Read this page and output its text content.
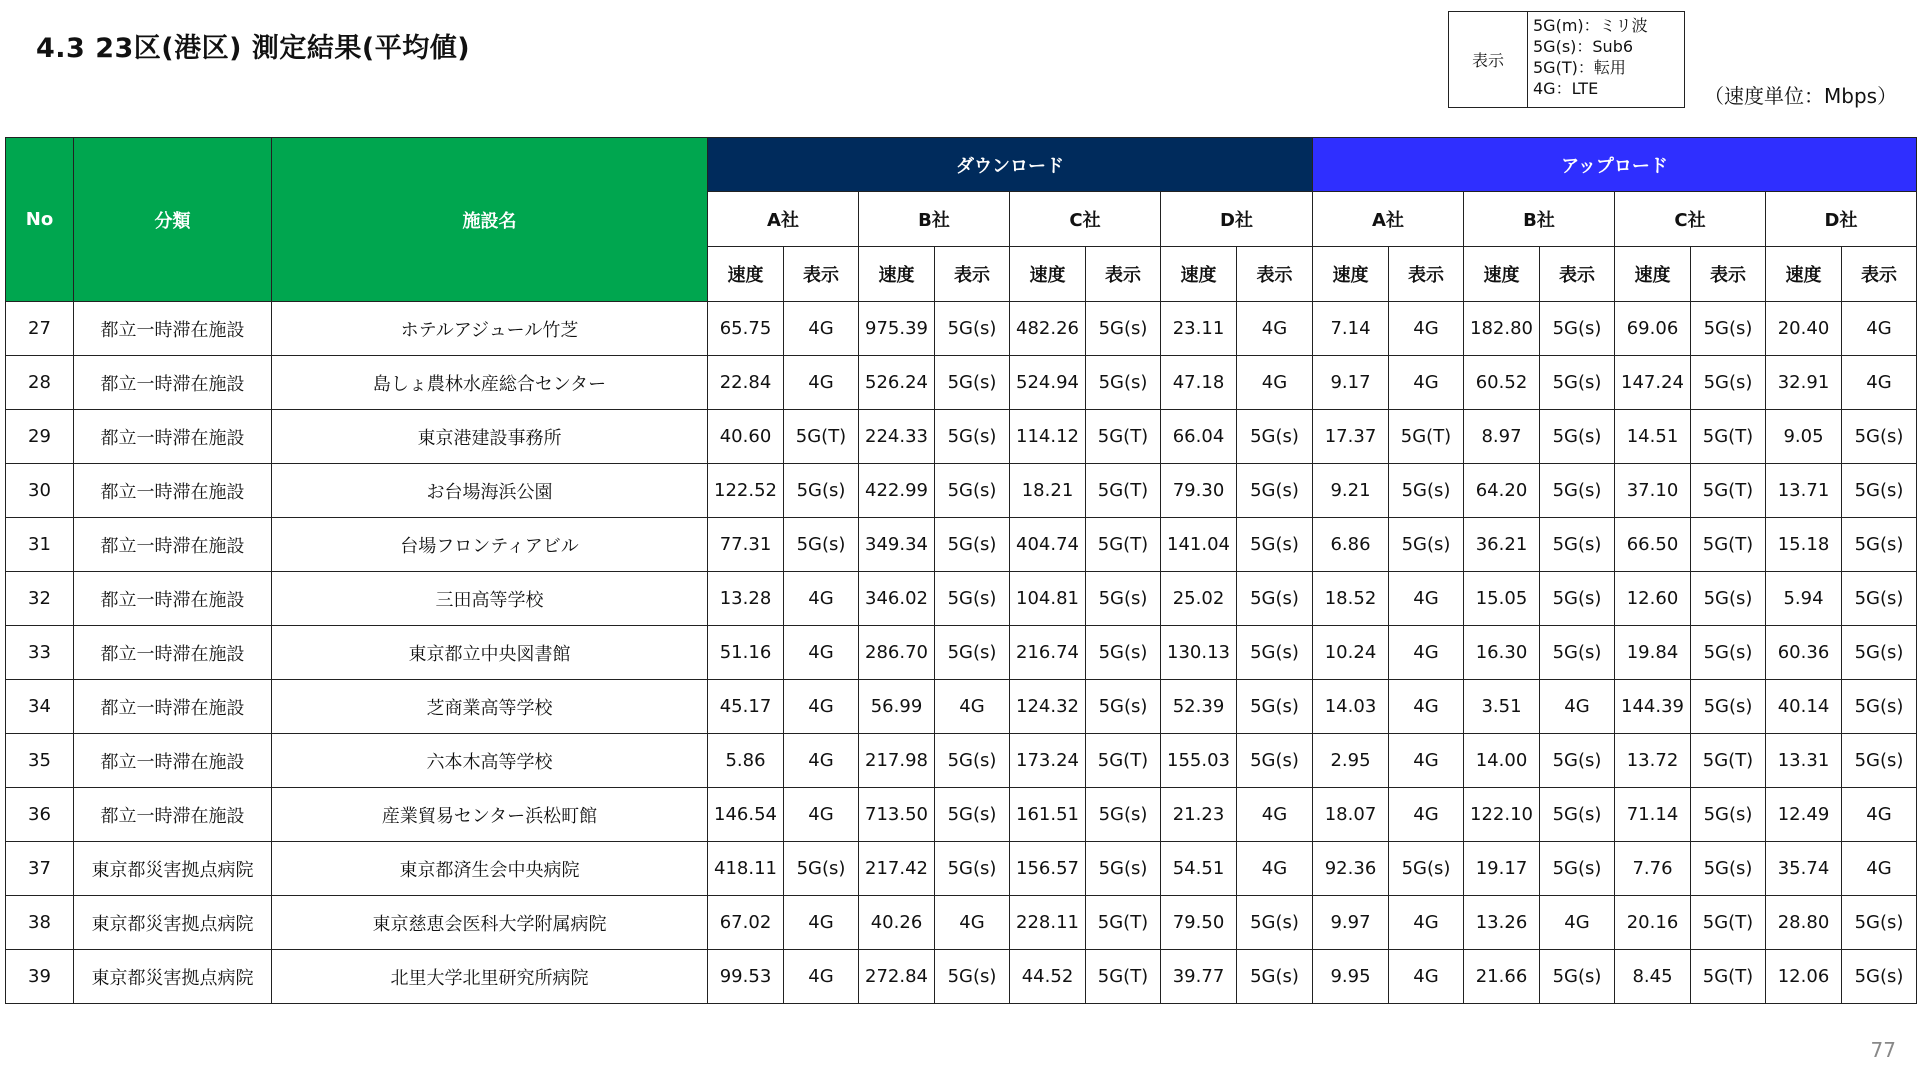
4.3 23区(港区) 測定結果(平均値)	表示
5G(m)：ミリ波
5G(s)：Sub6
5G(T)：転用
4G：LTE	（速度単位：Mbps）
No	分類	施設名	ダウンロード								アップロード							
			A社		B社		C社		D社		A社		B社		C社		D社	
			速度	表示	速度	表示	速度	表示	速度	表示	速度	表示	速度	表示	速度	表示	速度	表示
27	都立一時滞在施設	ホテルアジュール竹芝	65.75	4G	975.39	5G(s)	482.26	5G(s)	23.11	4G	7.14	4G	182.80	5G(s)	69.06	5G(s)	20.40	4G
28	都立一時滞在施設	島しょ農林水産総合センター	22.84	4G	526.24	5G(s)	524.94	5G(s)	47.18	4G	9.17	4G	60.52	5G(s)	147.24	5G(s)	32.91	4G
29	都立一時滞在施設	東京港建設事務所	40.60	5G(T)	224.33	5G(s)	114.12	5G(T)	66.04	5G(s)	17.37	5G(T)	8.97	5G(s)	14.51	5G(T)	9.05	5G(s)
30	都立一時滞在施設	お台場海浜公園	122.52	5G(s)	422.99	5G(s)	18.21	5G(T)	79.30	5G(s)	9.21	5G(s)	64.20	5G(s)	37.10	5G(T)	13.71	5G(s)
31	都立一時滞在施設	台場フロンティアビル	77.31	5G(s)	349.34	5G(s)	404.74	5G(T)	141.04	5G(s)	6.86	5G(s)	36.21	5G(s)	66.50	5G(T)	15.18	5G(s)
32	都立一時滞在施設	三田高等学校	13.28	4G	346.02	5G(s)	104.81	5G(s)	25.02	5G(s)	18.52	4G	15.05	5G(s)	12.60	5G(s)	5.94	5G(s)
33	都立一時滞在施設	東京都立中央図書館	51.16	4G	286.70	5G(s)	216.74	5G(s)	130.13	5G(s)	10.24	4G	16.30	5G(s)	19.84	5G(s)	60.36	5G(s)
34	都立一時滞在施設	芝商業高等学校	45.17	4G	56.99	4G	124.32	5G(s)	52.39	5G(s)	14.03	4G	3.51	4G	144.39	5G(s)	40.14	5G(s)
35	都立一時滞在施設	六本木高等学校	5.86	4G	217.98	5G(s)	173.24	5G(T)	155.03	5G(s)	2.95	4G	14.00	5G(s)	13.72	5G(T)	13.31	5G(s)
36	都立一時滞在施設	産業貿易センター浜松町館	146.54	4G	713.50	5G(s)	161.51	5G(s)	21.23	4G	18.07	4G	122.10	5G(s)	71.14	5G(s)	12.49	4G
37	東京都災害拠点病院	東京都済生会中央病院	418.11	5G(s)	217.42	5G(s)	156.57	5G(s)	54.51	4G	92.36	5G(s)	19.17	5G(s)	7.76	5G(s)	35.74	4G
38	東京都災害拠点病院	東京慈恵会医科大学附属病院	67.02	4G	40.26	4G	228.11	5G(T)	79.50	5G(s)	9.97	4G	13.26	4G	20.16	5G(T)	28.80	5G(s)
39	東京都災害拠点病院	北里大学北里研究所病院	99.53	4G	272.84	5G(s)	44.52	5G(T)	39.77	5G(s)	9.95	4G	21.66	5G(s)	8.45	5G(T)	12.06	5G(s)
77
